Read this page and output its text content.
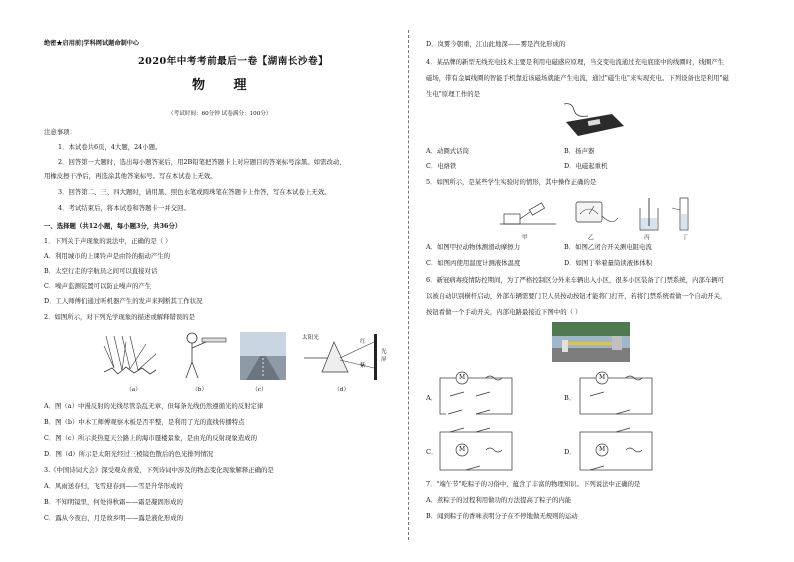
绝密★启用前|学科网试题命制中心
2020年中考考前最后一卷【湖南长沙卷】
物 理
（考试时间：60分钟 试卷满分：100分）
注意事项：
1．本试卷共6页，4大题，24小题。
2．回答第一大题时，选出每小题答案后，用2B铅笔把答题卡上对应题目的答案标号涂黑。如需改动，
用橡皮擦干净后，再选涂其他答案标号。写在本试卷上无效。
3．回答第二、三、四大题时，请用黑、照色水笔或圆珠笔在答题卡上作答，写在本试卷上无效。
4．考试结束后，将本试卷和答题卡一并交回。
一、选择题（共12小题，每小题3分，共36分）
1．下列关于声现象的说法中，正确的是（ ）
A．利用城市的上课铃声是由铃的振动产生的
B．太空行走的宇航员之间可以直接对话
C．噪声监测装置可以防止噪声的产生
D．工人师傅们通过听机器产生的发声来判断其工作状况
2．如图所示，对下列光学现象的描述或解释错误的是
（a）	（b）	（c）
太阳光
红
紫
光屏
（d）
A．图（a）中漫反射的光线尽管杂乱无章，但每条光线仍然遵循光的反射定律
B．图（b）中木工师傅观察木板是否平整，是利用了光的直线传播特点
C．图（c）所示炎热夏天公路上的海市蜃楼景象，是由光的反射现象造成的
D．图（d）所示是太阳光经过三棱镜色散后的色光排列情况
3.《中国诗词大会》深受观众喜爱，下列诗词中涉及的物态变化现象解释正确的是
A．风雨送春归，飞雪迎春到——雪是升华形成的
B．不知明镜里，何处得秋霜——霜是凝固形成的
C．露从今夜白，月是故乡明——露是液化形成的
D．岚雾今朝重，江山此地深——雾是汽化形成的
4．某品牌的新型无线充电技术主要是利用电磁感应原理，当交变电流通过充电底座中的线圈时，线圈产生
磁场，带有金属线圈的智能手机靠近该磁场就能产生电流，通过"磁生电"来实现充电。下列设备也是利用"磁
生电"原理工作的是
A．动圈式话筒	B．扬声器
C．电烙铁	D．电磁起重机
5．如图所示，是某些学生实验时的情形，其中操作正确的是
甲	乙	丙	丁
A．如图甲拉动物体测滑动摩擦力	B．如图乙闭合开关测电阻电流
C．如图丙使用温度计测液体温度	D．如图丁举着量筒读液体体积
6．新冠病毒疫情防控期间，为了严格控制区分外来车辆出入小区，很多小区装备了门禁系统，内部车辆可
以被自动识别横杆启动，外部车辆需要门卫人员按动按钮才能将门打开，若将门禁系统看做一个自动开关，
按钮看做一个手动开关，内部电路最接近下图中的（ ）
A．
M
B．
M
C．	M	D．	M
7．"端午节"吃粽子的习俗中，蕴含了丰富的物理知识。下列说法中正确的是
A．煮粽子的过程利用做功的方法提高了粽子的内能
B．闻到粽子的香味表明分子在不停地做无规则的运动
